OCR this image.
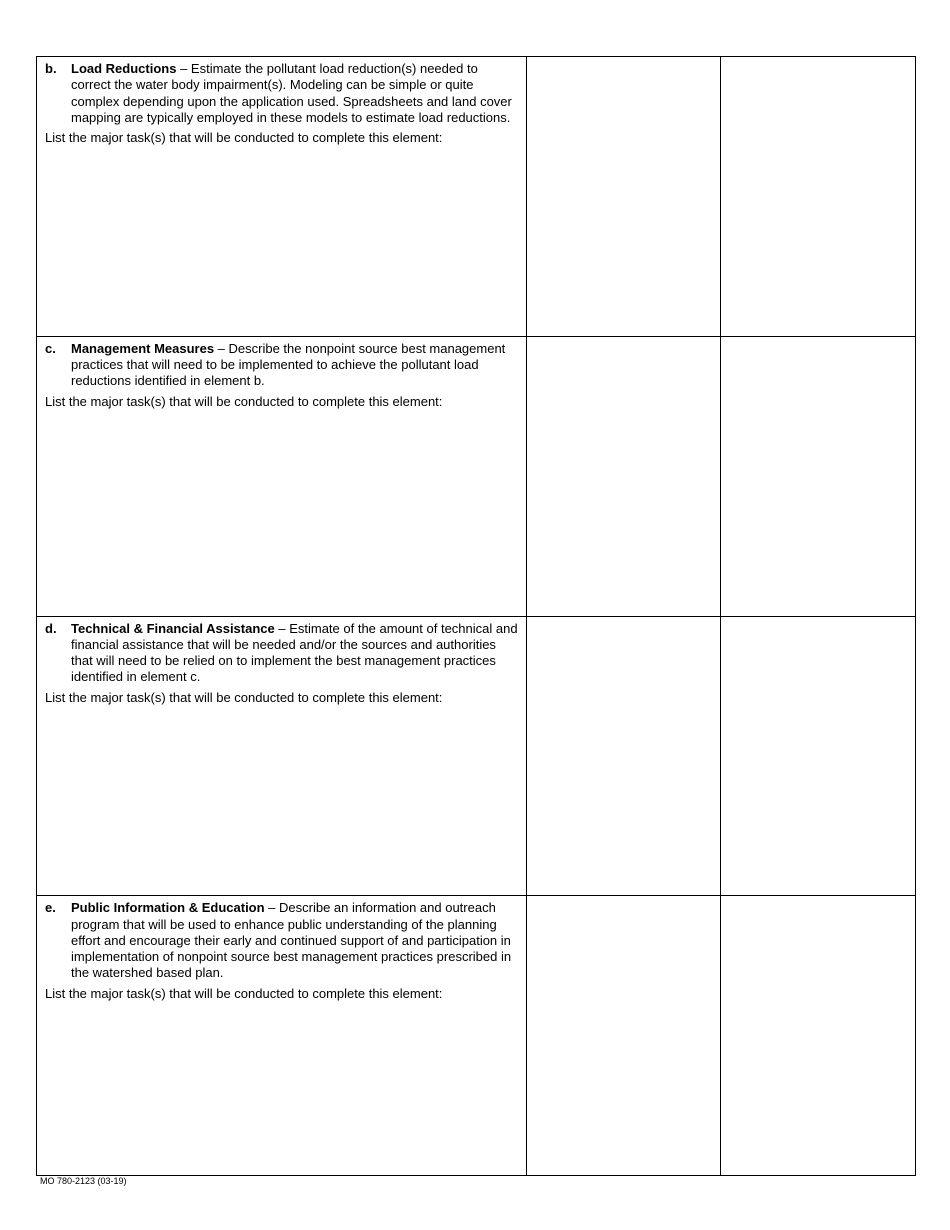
b. Load Reductions – Estimate the pollutant load reduction(s) needed to correct the water body impairment(s). Modeling can be simple or quite complex depending upon the application used. Spreadsheets and land cover mapping are typically employed in these models to estimate load reductions.
List the major task(s) that will be conducted to complete this element:		

c. Management Measures – Describe the nonpoint source best management practices that will need to be implemented to achieve the pollutant load reductions identified in element b.
List the major task(s) that will be conducted to complete this element:		

d. Technical & Financial Assistance – Estimate of the amount of technical and financial assistance that will be needed and/or the sources and authorities that will need to be relied on to implement the best management practices identified in element c.
List the major task(s) that will be conducted to complete this element:		

e. Public Information & Education – Describe an information and outreach program that will be used to enhance public understanding of the planning effort and encourage their early and continued support of and participation in implementation of nonpoint source best management practices prescribed in the watershed based plan.
List the major task(s) that will be conducted to complete this element:		

MO 780-2123 (03-19)
